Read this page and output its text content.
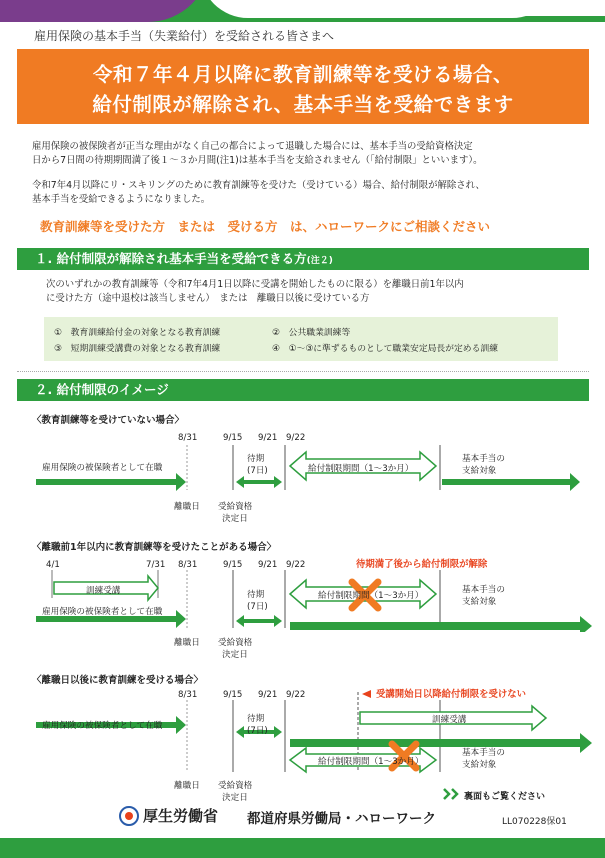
雇用保険の基本手当（失業給付）を受給される皆さまへ
令和７年４月以降に教育訓練等を受ける場合、
給付制限が解除され、基本手当を受給できます
雇用保険の被保険者が正当な理由がなく自己の都合によって退職した場合には、基本手当の受給資格決定
日から7日間の待期期間満了後１～３か月間(注1)は基本手当を支給されません（「給付制限」といいます）。
令和7年4月以降にリ・スキリングのために教育訓練等を受けた（受けている）場合、給付制限が解除され、
基本手当を受給できるようになりました。
教育訓練等を受けた方　または　受ける方　は、ハローワークにご相談ください
１. 給付制限が解除され基本手当を受給できる方(注２)
次のいずれかの教育訓練等（令和7年4月1日以降に受講を開始したものに限る）を離職日前1年以内
に受けた方（途中退校は該当しません）　または　離職日以後に受けている方
①　教育訓練給付金の対象となる教育訓練	②　公共職業訓練等
③　短期訓練受講費の対象となる教育訓練	④　①～③に準ずるものとして職業安定局長が定める訓練
２. 給付制限のイメージ
〈教育訓練等を受けていない場合〉
8/31	9/15 9/21 9/22
雇用保険の被保険者として在職
待期
(7日)	給付制限期間（1～3か月）
基本手当の
支給対象
離職日 受給資格
決定日
〈離職前1年以内に教育訓練等を受けたことがある場合〉
待期満了後から給付制限が解除
4/1	7/31 8/31	9/15 9/21 9/22
訓練受講
雇用保険の被保険者として在職
待期
(7日)
給付制限期間（1～3か月）
基本手当の
支給対象
離職日 受給資格
決定日
〈離職日以後に教育訓練を受ける場合〉
受講開始日以降給付制限を受けない
8/31	9/15 9/21 9/22
訓練受講
雇用保険の被保険者として在職
待期
(7日)
給付制限期間（1～3か月）
基本手当の
支給対象
離職日 受給資格
決定日	裏面もご覧ください
厚生労働省 都道府県労働局・ハローワーク	LL070228保01
